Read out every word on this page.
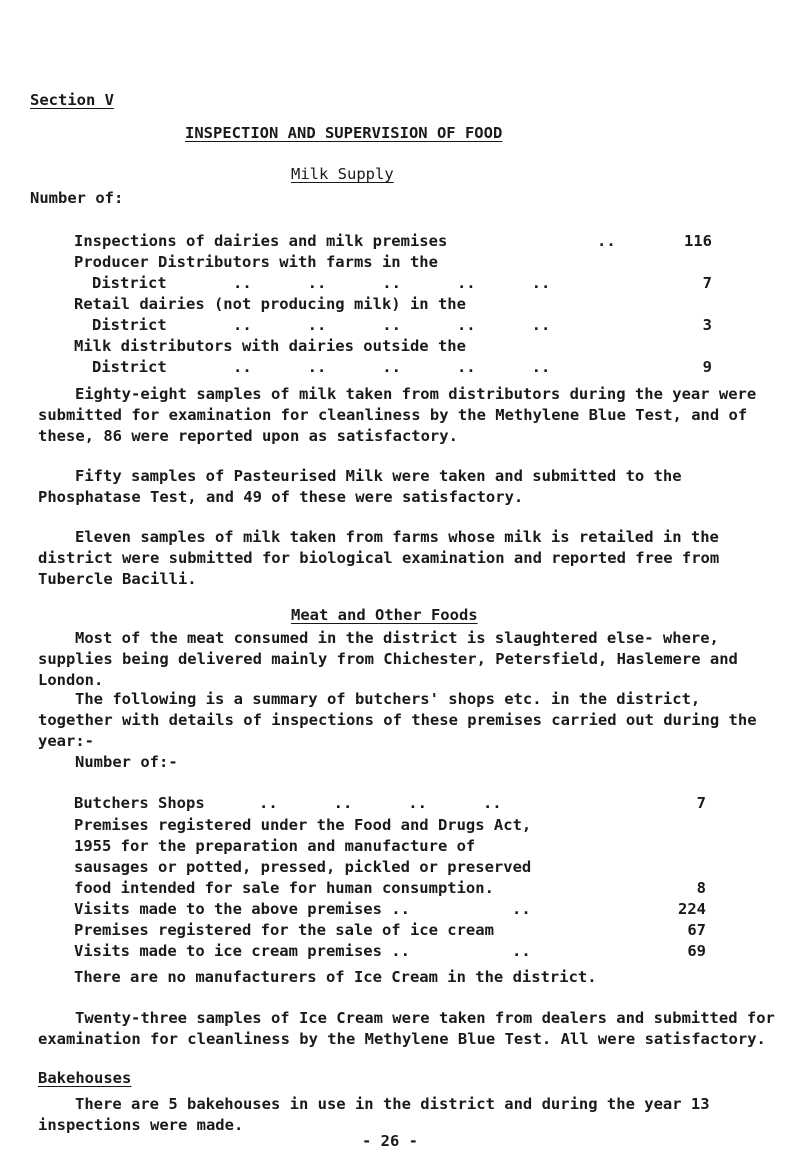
Section V
INSPECTION AND SUPERVISION OF FOOD
Milk Supply
Number of:
Inspections of dairies and milk premises	..	116
Producer Distributors with farms in the
District	..      ..      ..      ..      ..	7
Retail dairies (not producing milk) in the
District	..      ..      ..      ..      ..	3
Milk distributors with dairies outside the
District	..      ..      ..      ..      ..	9

Eighty-eight samples of milk taken from distributors during the year were submitted for examination for cleanliness by the Methylene Blue Test, and of these, 86 were reported upon as satisfactory.

Fifty samples of Pasteurised Milk were taken and submitted to the Phosphatase Test, and 49 of these were satisfactory.

Eleven samples of milk taken from farms whose milk is retailed in the district were submitted for biological examination and reported free from Tubercle Bacilli.

Meat and Other Foods

Most of the meat consumed in the district is slaughtered else- where, supplies being delivered mainly from Chichester, Petersfield, Haslemere and London.

The following is a summary of butchers' shops etc. in the district, together with details of inspections of these premises carried out during the year:-

Number of:-
Butchers Shops	..      ..      ..      ..	7
Premises registered under the Food and Drugs Act,
1955 for the preparation and manufacture of
sausages or potted, pressed, pickled or preserved
food intended for sale for human consumption.	8
Visits made to the above premises ..	..	224
Premises registered for the sale of ice cream	67
Visits made to ice cream premises ..	..	69
There are no manufacturers of Ice Cream in the district.

Twenty-three samples of Ice Cream were taken from dealers and submitted for examination for cleanliness by the Methylene Blue Test. All were satisfactory.

Bakehouses

There are 5 bakehouses in use in the district and during the year 13 inspections were made.

- 26 -
